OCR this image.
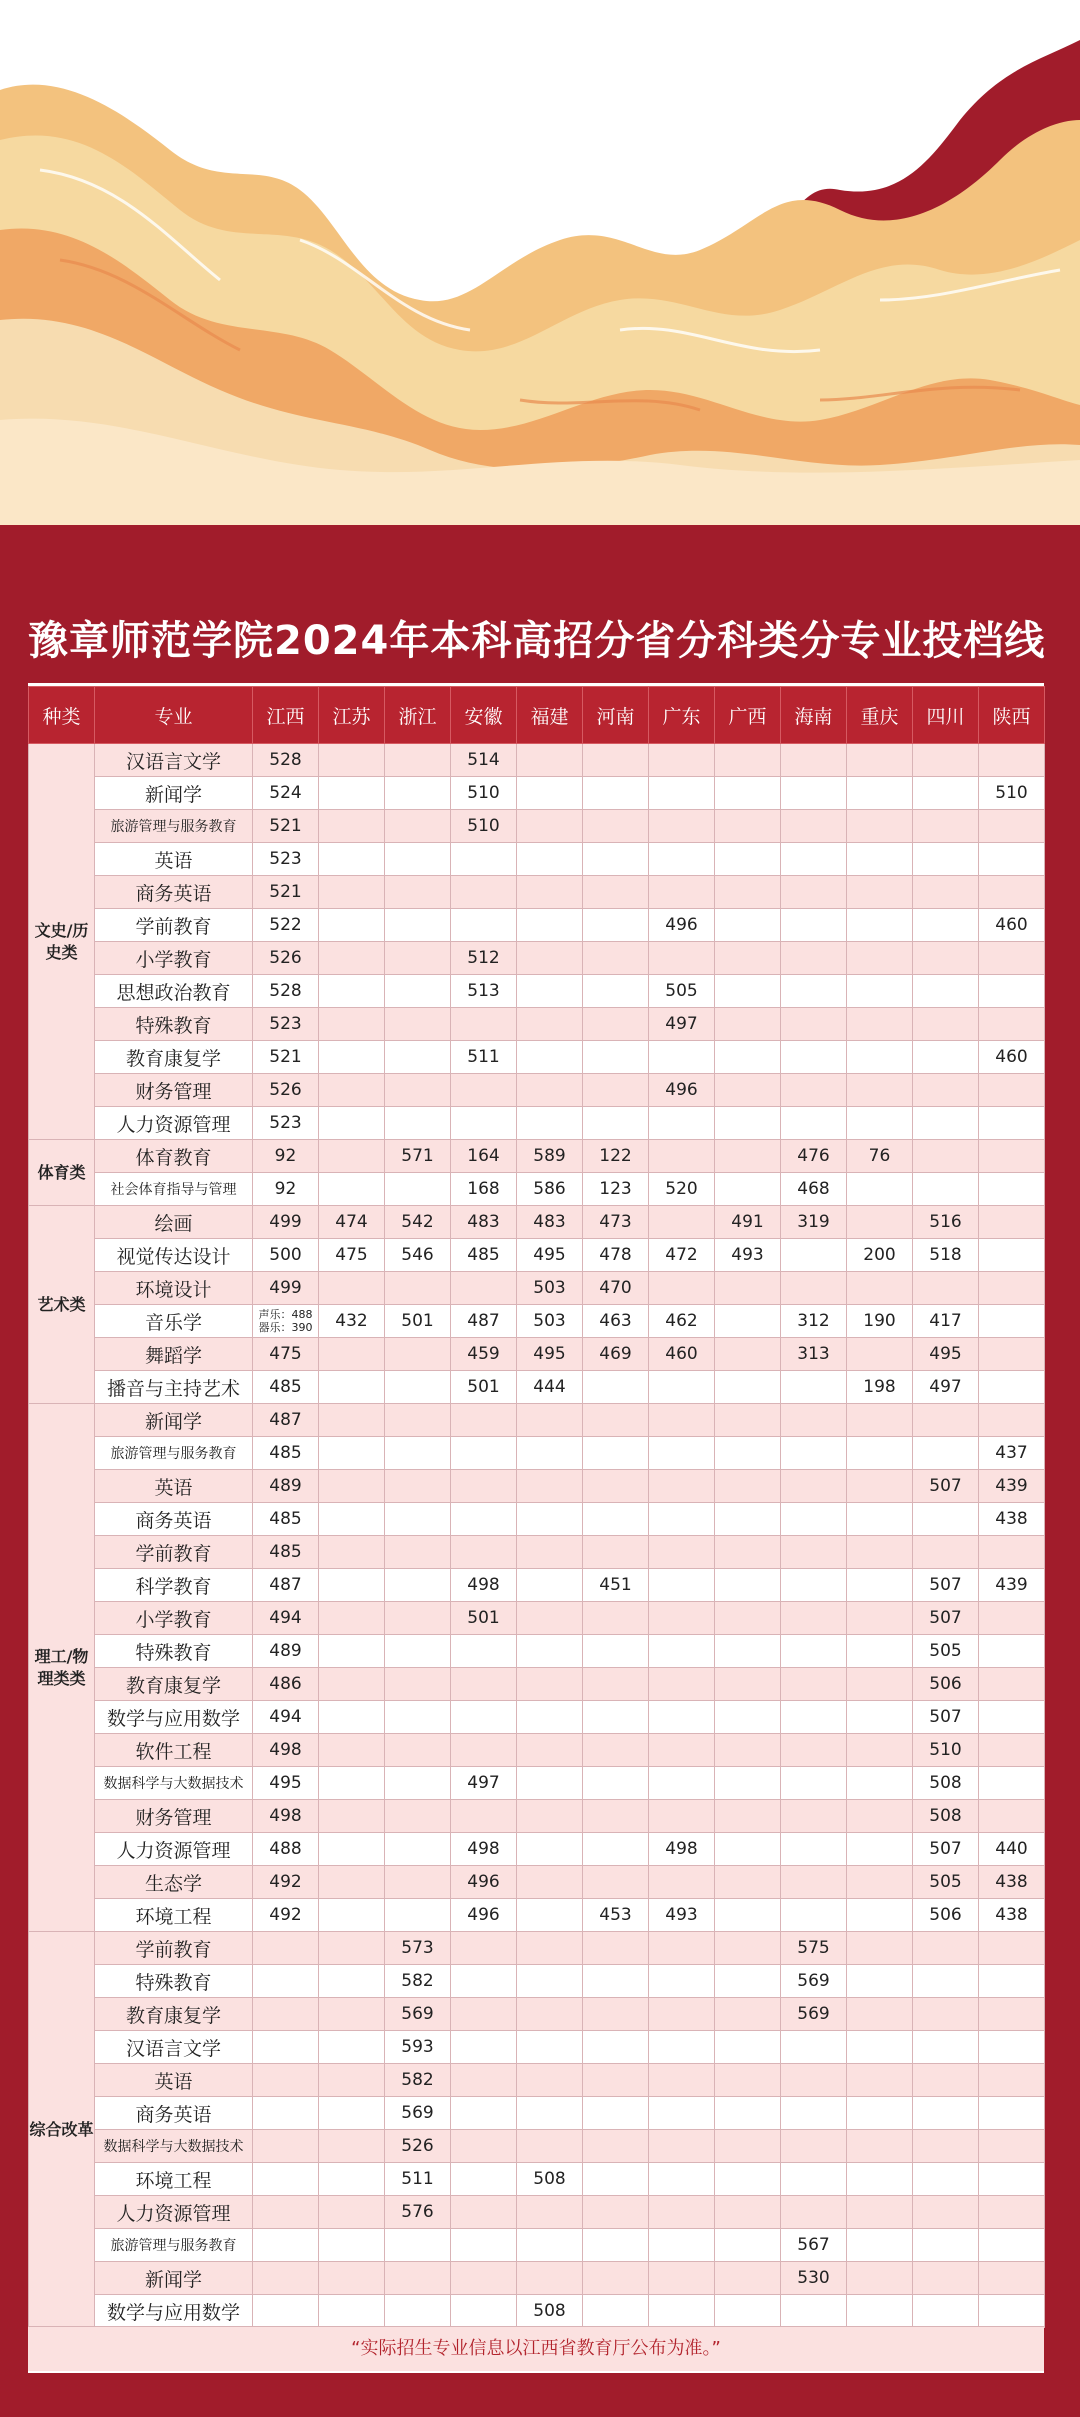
豫章师范学院2024年本科高招分省分科类分专业投档线
种类	专业	江西	江苏	浙江	安徽	福建	河南	广东	广西	海南	重庆	四川	陕西
文史/历史类	汉语言文学	528			514								
	新闻学	524			510								510
	旅游管理与服务教育	521			510								
	英语	523											
	商务英语	521											
	学前教育	522						496					460
	小学教育	526			512								
	思想政治教育	528			513			505					
	特殊教育	523						497					
	教育康复学	521			511								460
	财务管理	526						496					
	人力资源管理	523											
体育类	体育教育	92		571	164	589	122			476	76		
	社会体育指导与管理	92			168	586	123	520		468			
艺术类	绘画	499	474	542	483	483	473		491	319		516	
	视觉传达设计	500	475	546	485	495	478	472	493		200	518	
	环境设计	499				503	470						
	音乐学	声乐：488
器乐：390	432	501	487	503	463	462		312	190	417	
	舞蹈学	475			459	495	469	460		313		495	
	播音与主持艺术	485			501	444					198	497	
理工/物理类类	新闻学	487											
	旅游管理与服务教育	485											437
	英语	489										507	439
	商务英语	485											438
	学前教育	485											
	科学教育	487			498		451					507	439
	小学教育	494			501							507	
	特殊教育	489										505	
	教育康复学	486										506	
	数学与应用数学	494										507	
	软件工程	498										510	
	数据科学与大数据技术	495			497							508	
	财务管理	498										508	
	人力资源管理	488			498			498				507	440
	生态学	492			496							505	438
	环境工程	492			496		453	493				506	438
综合改革	学前教育			573						575			
	特殊教育			582						569			
	教育康复学			569						569			
	汉语言文学			593									
	英语			582									
	商务英语			569									
	数据科学与大数据技术			526									
	环境工程			511		508							
	人力资源管理			576									
	旅游管理与服务教育									567			
	新闻学									530			
	数学与应用数学					508							
“实际招生专业信息以江西省教育厅公布为准。”
